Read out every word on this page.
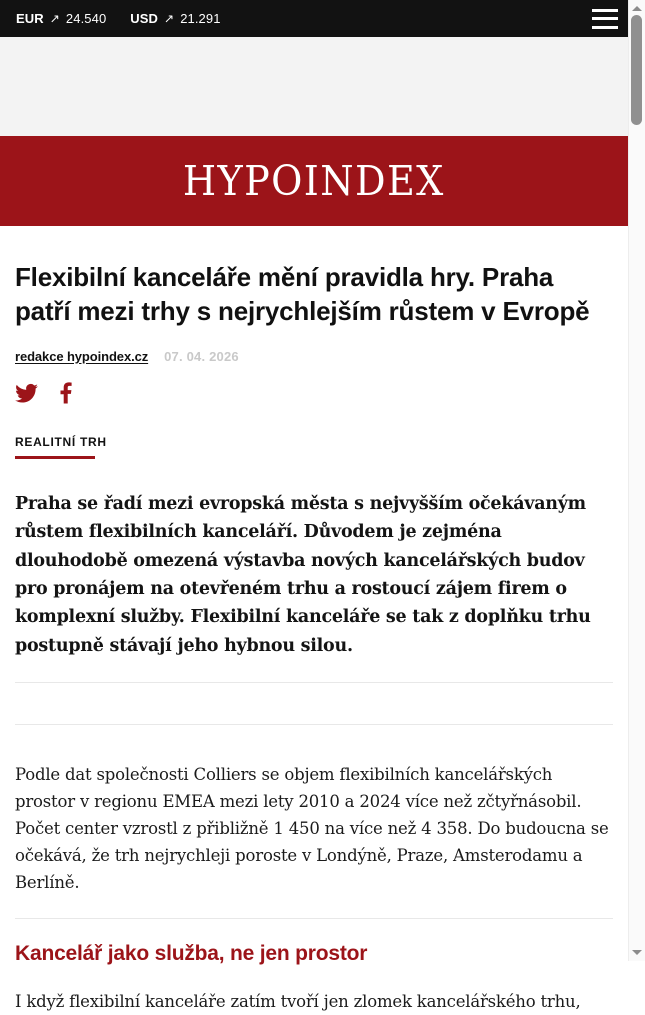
EUR ↗ 24.540 USD ↗ 21.291
HYPOINDEX
Flexibilní kanceláře mění pravidla hry. Praha patří mezi trhy s nejrychlejším růstem v Evropě
redakce hypoindex.cz 07. 04. 2026
REALITNÍ TRH

Praha se řadí mezi evropská města s nejvyšším očekávaným růstem flexibilních kanceláří. Důvodem je zejména dlouhodobě omezená výstavba nových kancelářských budov pro pronájem na otevřeném trhu a rostoucí zájem firem o komplexní služby. Flexibilní kanceláře se tak z doplňku trhu postupně stávají jeho hybnou silou.

Podle dat společnosti Colliers se objem flexibilních kancelářských prostor v regionu EMEA mezi lety 2010 a 2024 více než zčtyřnásobil. Počet center vzrostl z přibližně 1 450 na více než 4 358. Do budoucna se očekává, že trh nejrychleji poroste v Londýně, Praze, Amsterodamu a Berlíně.

Kancelář jako služba, ne jen prostor

I když flexibilní kanceláře zatím tvoří jen zlomek kancelářského trhu,
